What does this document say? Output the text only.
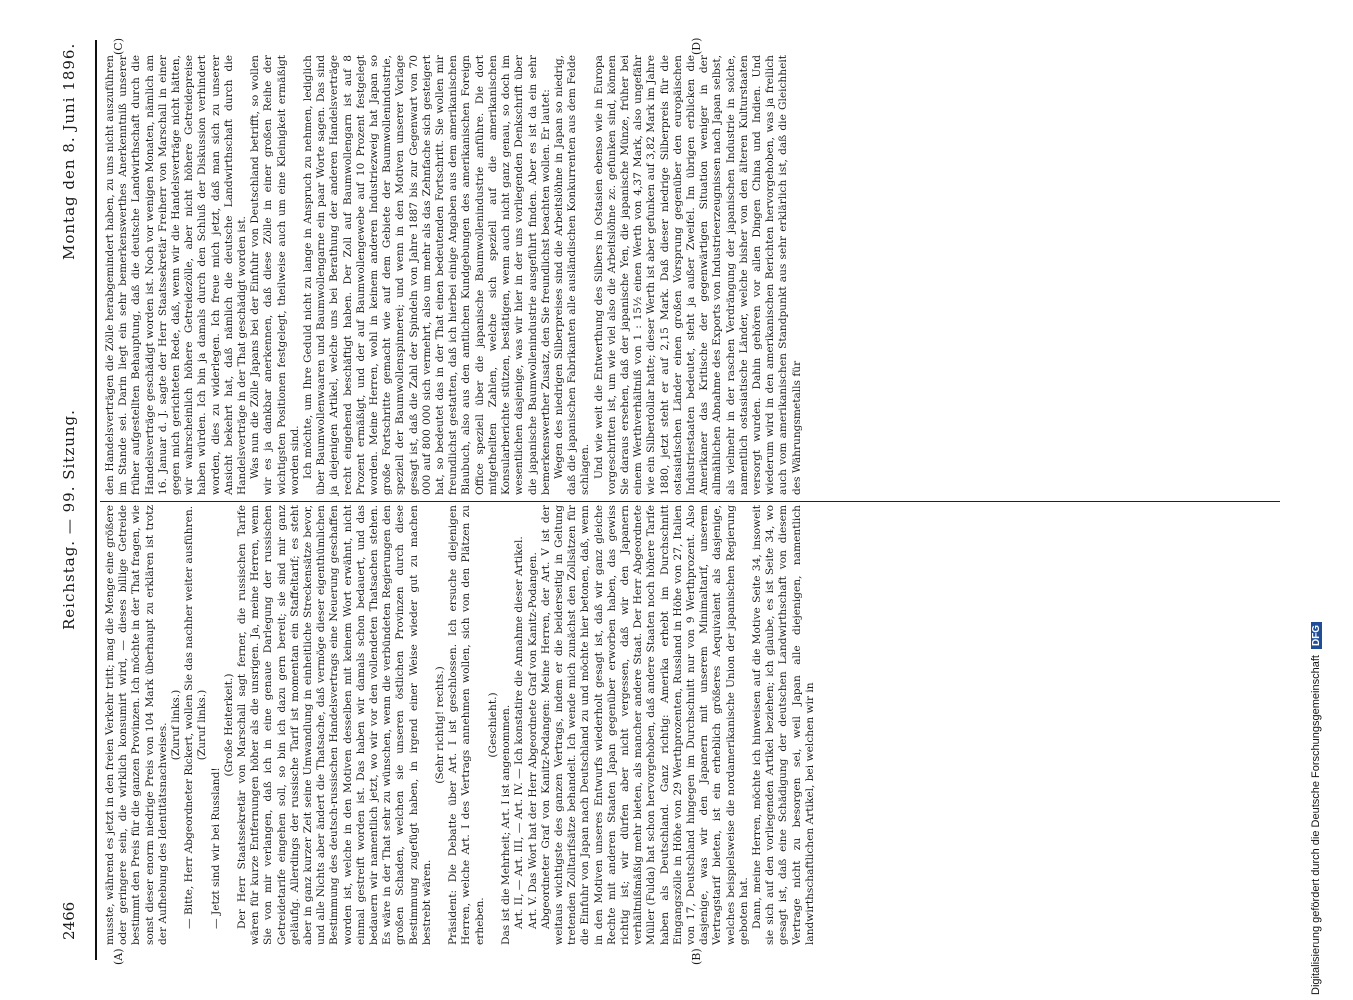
2466
Reichstag. — 99. Sitzung.
Montag den 8. Juni 1896.
(A)	(B)
(C)	(D)

musste, während es jetzt in den freien Verkehr tritt; mag die Menge eine größere oder geringere sein, die wirklich konsumirt wird, — dieses billige Getreide bestimmt den Preis für die ganzen Provinzen. Ich möchte in der That fragen, wie sonst dieser enorm niedrige Preis von 104 Mark überhaupt zu erklären ist trotz der Aufhebung des Identitätsnachweises. (Zuruf links.) — Bitte, Herr Abgeordneter Rickert, wollen Sie das nachher weiter ausführen. (Zuruf links.)

— Jetzt sind wir bei Russland!

(Große Heiterkeit.) Der Herr Staatssekretär von Marschall sagt ferner, die russischen Tarife wären für kurze Entfernungen höher als die unsrigen. Ja, meine Herren, wenn Sie von mir verlangen, daß ich in eine genaue Darlegung der russischen Getreidetarife eingehen soll, so bin ich dazu gern bereit; sie sind mir ganz geläufig. Allerdings der russische Tarif ist momentan ein Staffeltarif; es steht aber in ganz kurzer Zeit seine Umwandlung in einheitliche Streckensätze bevor, und alle Nichts aber ändert die Thatsache, daß vermöge dieser eigenthümlichen Bestimmung des deutsch-russischen Handelsvertrags eine Neuerung geschaffen worden ist, welche in den Motiven desselben mit keinem Wort erwähnt, nicht einmal gestreift worden ist. Das haben wir damals schon bedauert, und das bedauern wir namentlich jetzt, wo wir vor den vollendeten Thatsachen stehen. Es wäre in der That sehr zu wünschen, wenn die verbündeten Regierungen den großen Schaden, welchen sie unseren östlichen Provinzen durch diese Bestimmung zugefügt haben, in irgend einer Weise wieder gut zu machen bestrebt wären.

(Sehr richtig! rechts.) Präsident: Die Debatte über Art. I ist geschlossen. Ich ersuche diejenigen Herren, welche Art. I des Vertrags annehmen wollen, sich von den Plätzen zu erheben.

(Geschieht.) Das ist die Mehrheit; Art. I ist angenommen. Art. II, — Art. III, — Art. IV. — Ich konstatire die Annahme dieser Artikel. Art. V. Das Wort hat der Herr Abgeordnete Graf von Kanitz-Podangen. Abgeordneter Graf von Kanitz-Podangen: Meine Herren, der Art. V ist der weitaus wichtigste des ganzen Vertrags, indem er die beiderseitig in Geltung tretenden Zolltarifsätze behandelt. Ich wende mich zunächst den Zollsätzen für die Einfuhr von Japan nach Deutschland zu und möchte hier betonen, daß, wenn in den Motiven unseres Entwurfs wiederholt gesagt ist, daß wir ganz gleiche Rechte mit anderen Staaten Japan gegenüber erworben haben, das gewiss richtig ist; wir dürfen aber nicht vergessen, daß wir den Japanern verhältnißmäßig mehr bieten, als mancher andere Staat. Der Herr Abgeordnete Müller (Fulda) hat schon hervorgehoben, daß andere Staaten noch höhere Tarife haben als Deutschland. Ganz richtig: Amerika erhebt im Durchschnitt Eingangszölle in Höhe von 29 Werthprozenten, Russland in Höhe von 27, Italien von 17, Deutschland hingegen im Durchschnitt nur von 9 Werthprozent. Also dasjenige, was wir den Japanern mit unserem Minimaltarif, unserem Vertragstarif bieten, ist ein erheblich größeres Aequivalent als dasjenige, welches beispielsweise die nordamerikanische Union der japanischen Regierung geboten hat. Dann, meine Herren, möchte ich hinweisen auf die Motive Seite 34, insoweit sie sich auf den vorliegenden Artikel beziehen; ich glaube, es ist Seite 34, wo gesagt ist, daß eine Schädigung der deutschen Landwirthschaft von diesem Vertrage nicht zu besorgen sei, weil Japan alle diejenigen, namentlich landwirthschaftlichen Artikel, bei welchen wir in

den Handelsverträgen die Zölle herabgemindert haben, zu uns nicht auszuführen im Stande sei. Darin liegt ein sehr bemerkenswerthes Anerkenntniß unserer früher aufgestellten Behauptung, daß die deutsche Landwirthschaft durch die Handelsverträge geschädigt worden ist. Noch vor wenigen Monaten, nämlich am 16. Januar d. J. sagte der Herr Staatssekretär Freiherr von Marschall in einer gegen mich gerichteten Rede, daß, wenn wir die Handelsverträge nicht hätten, wir wahrscheinlich höhere Getreidezölle, aber nicht höhere Getreidepreise haben würden. Ich bin ja damals durch den Schluß der Diskussion verhindert worden, dies zu widerlegen. Ich freue mich jetzt, daß man sich zu unserer Ansicht bekehrt hat, daß nämlich die deutsche Landwirthschaft durch die Handelsverträge in der That geschädigt worden ist. Was nun die Zölle Japans bei der Einfuhr von Deutschland betrifft, so wollen wir es ja dankbar anerkennen, daß diese Zölle in einer großen Reihe der wichtigsten Positionen festgelegt, theilweise auch um eine Kleinigkeit ermäßigt worden sind. Ich möchte, um Ihre Geduld nicht zu lange in Anspruch zu nehmen, lediglich über Baumwollenwaaren und Baumwollengarne ein paar Worte sagen. Das sind ja diejenigen Artikel, welche uns bei Berathung der anderen Handelsverträge recht eingehend beschäftigt haben. Der Zoll auf Baumwollengarn ist auf 8 Prozent ermäßigt, und der auf Baumwollengewebe auf 10 Prozent festgelegt worden. Meine Herren, wohl in keinem anderen Industriezweig hat Japan so große Fortschritte gemacht wie auf dem Gebiete der Baumwollenindustrie, speziell der Baumwollenspinnerei; und wenn in den Motiven unserer Vorlage gesagt ist, daß die Zahl der Spindeln von Jahre 1887 bis zur Gegenwart von 70 000 auf 800 000 sich vermehrt, also um mehr als das Zehnfache sich gesteigert hat, so bedeutet das in der That einen bedeutenden Fortschritt. Sie wollen mir freundlichst gestatten, daß ich hierbei einige Angaben aus dem amerikanischen Blaubuch, also aus den amtlichen Kundgebungen des amerikanischen Foreign Office speziell über die japanische Baumwollenindustrie anführe. Die dort mitgetheilten Zahlen, welche sich speziell auf die amerikanischen Konsularberichte stützen, bestätigen, wenn auch nicht ganz genau, so doch im wesentlichen dasjenige, was wir hier in der uns vorliegenden Denkschrift über die japanische Baumwollenindustrie ausgeführt finden. Aber es ist da ein sehr bemerkenswerther Zusatz, den Sie freundlichst beachten wollen. Er lautet: Wegen des niedrigen Silberpreises sind die Arbeitslöhne in Japan so niedrig, daß die japanischen Fabrikanten alle ausländischen Konkurrenten aus dem Felde schlagen. Und wie weit die Entwerthung des Silbers in Ostasien ebenso wie in Europa vorgeschritten ist, um wie viel also die Arbeitslöhne zc. gefunken sind, können Sie daraus ersehen, daß der japanische Yen, die japanische Münze, früher bei einem Werthverhältniß von 1 : 15½ einen Werth von 4,37 Mark, also ungefähr wie ein Silberdollar hatte; dieser Werth ist aber gefunken auf 3,82 Mark im Jahre 1880, jetzt steht er auf 2,15 Mark. Daß dieser niedrige Silberpreis für die ostasiatischen Länder einen großen Vorsprung gegenüber den europäischen Industriestaaten bedeutet, steht ja außer Zweifel. Im übrigen erblicken die Amerikaner das Kritische der gegenwärtigen Situation weniger in der allmählichen Abnahme des Exports von Industrieerzeugnissen nach Japan selbst, als vielmehr in der raschen Verdrängung der japanischen Industrie in solche, namentlich ostasiatische Länder, welche bisher von den älteren Kulturstaaten versorgt wurden. Dahin gehören vor allen Dingen China und Indien. Und wiederum wird in den amerikanischen Berichten hervorgehoben, was ja freilich auch vom amerikanischen Standpunkt aus sehr erklärlich ist, daß die Gleichheit des Währungsmetalls für

Digitalisierung gefördert durch die Deutsche ForschungsgemeinschaftDFG
